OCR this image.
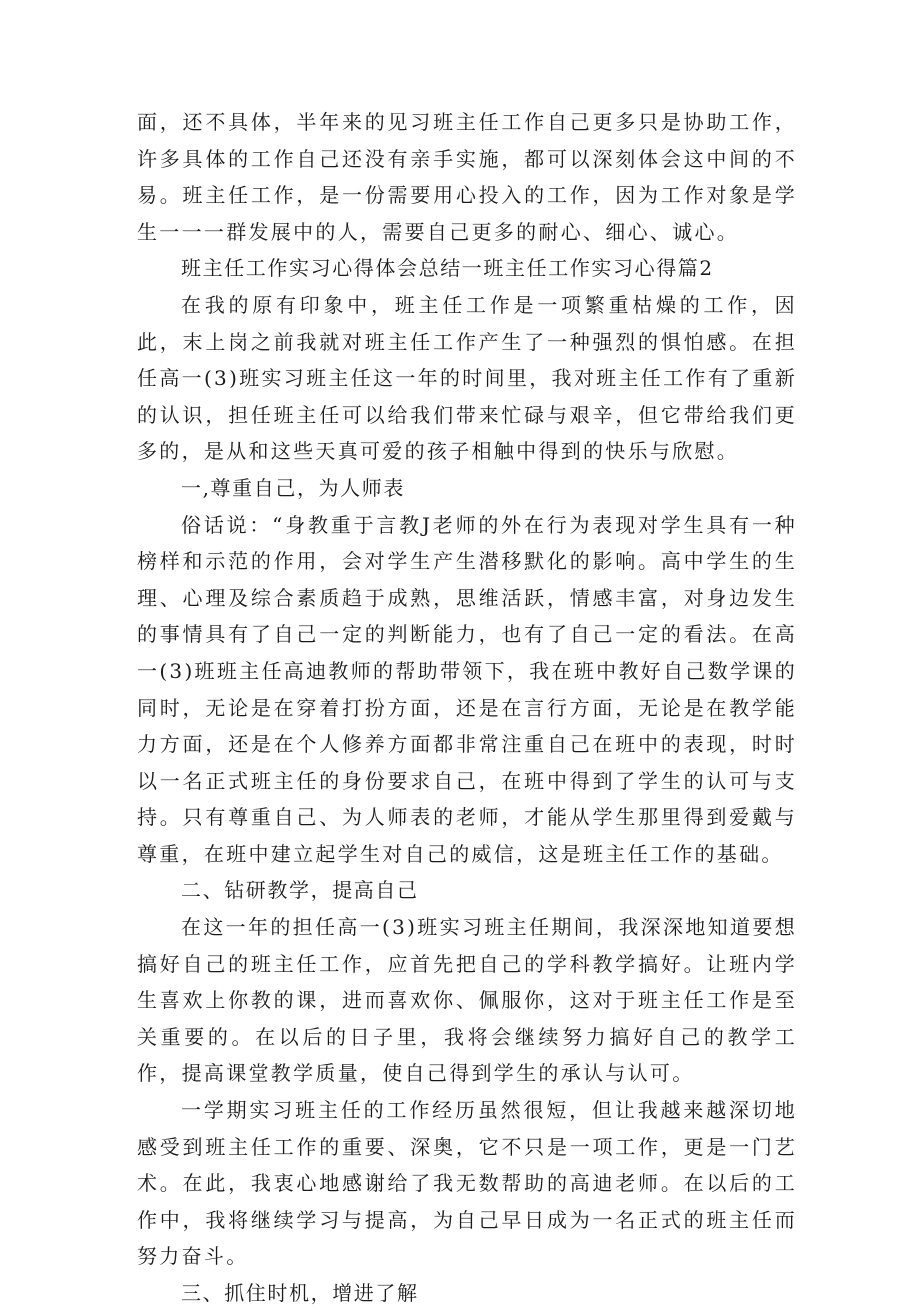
面，还不具体，半年来的见习班主任工作自己更多只是协助工作，许多具体的工作自己还没有亲手实施，都可以深刻体会这中间的不易。班主任工作，是一份需要用心投入的工作，因为工作对象是学生一一一群发展中的人，需要自己更多的耐心、细心、诚心。

班主任工作实习心得体会总结一班主任工作实习心得篇2

在我的原有印象中，班主任工作是一项繁重枯燥的工作，因此，末上岗之前我就对班主任工作产生了一种强烈的惧怕感。在担任高一(3)班实习班主任这一年的时间里，我对班主任工作有了重新的认识，担任班主任可以给我们带来忙碌与艰辛，但它带给我们更多的，是从和这些天真可爱的孩子相触中得到的快乐与欣慰。

一,尊重自己，为人师表

俗话说：“身教重于言教J老师的外在行为表现对学生具有一种榜样和示范的作用，会对学生产生潜移默化的影响。高中学生的生理、心理及综合素质趋于成熟，思维活跃，情感丰富，对身边发生的事情具有了自己一定的判断能力，也有了自己一定的看法。在高一(3)班班主任高迪教师的帮助带领下，我在班中教好自己数学课的同时，无论是在穿着打扮方面，还是在言行方面，无论是在教学能力方面，还是在个人修养方面都非常注重自己在班中的表现，时时以一名正式班主任的身份要求自己，在班中得到了学生的认可与支持。只有尊重自己、为人师表的老师，才能从学生那里得到爱戴与尊重，在班中建立起学生对自己的威信，这是班主任工作的基础。

二、钻研教学，提高自己

在这一年的担任高一(3)班实习班主任期间，我深深地知道要想搞好自己的班主任工作，应首先把自己的学科教学搞好。让班内学生喜欢上你教的课，进而喜欢你、佩服你，这对于班主任工作是至关重要的。在以后的日子里，我将会继续努力搞好自己的教学工作，提高课堂教学质量，使自己得到学生的承认与认可。

一学期实习班主任的工作经历虽然很短，但让我越来越深切地感受到班主任工作的重要、深奥，它不只是一项工作，更是一门艺术。在此，我衷心地感谢给了我无数帮助的高迪老师。在以后的工作中，我将继续学习与提高，为自己早日成为一名正式的班主任而努力奋斗。

三、抓住时机，增进了解
